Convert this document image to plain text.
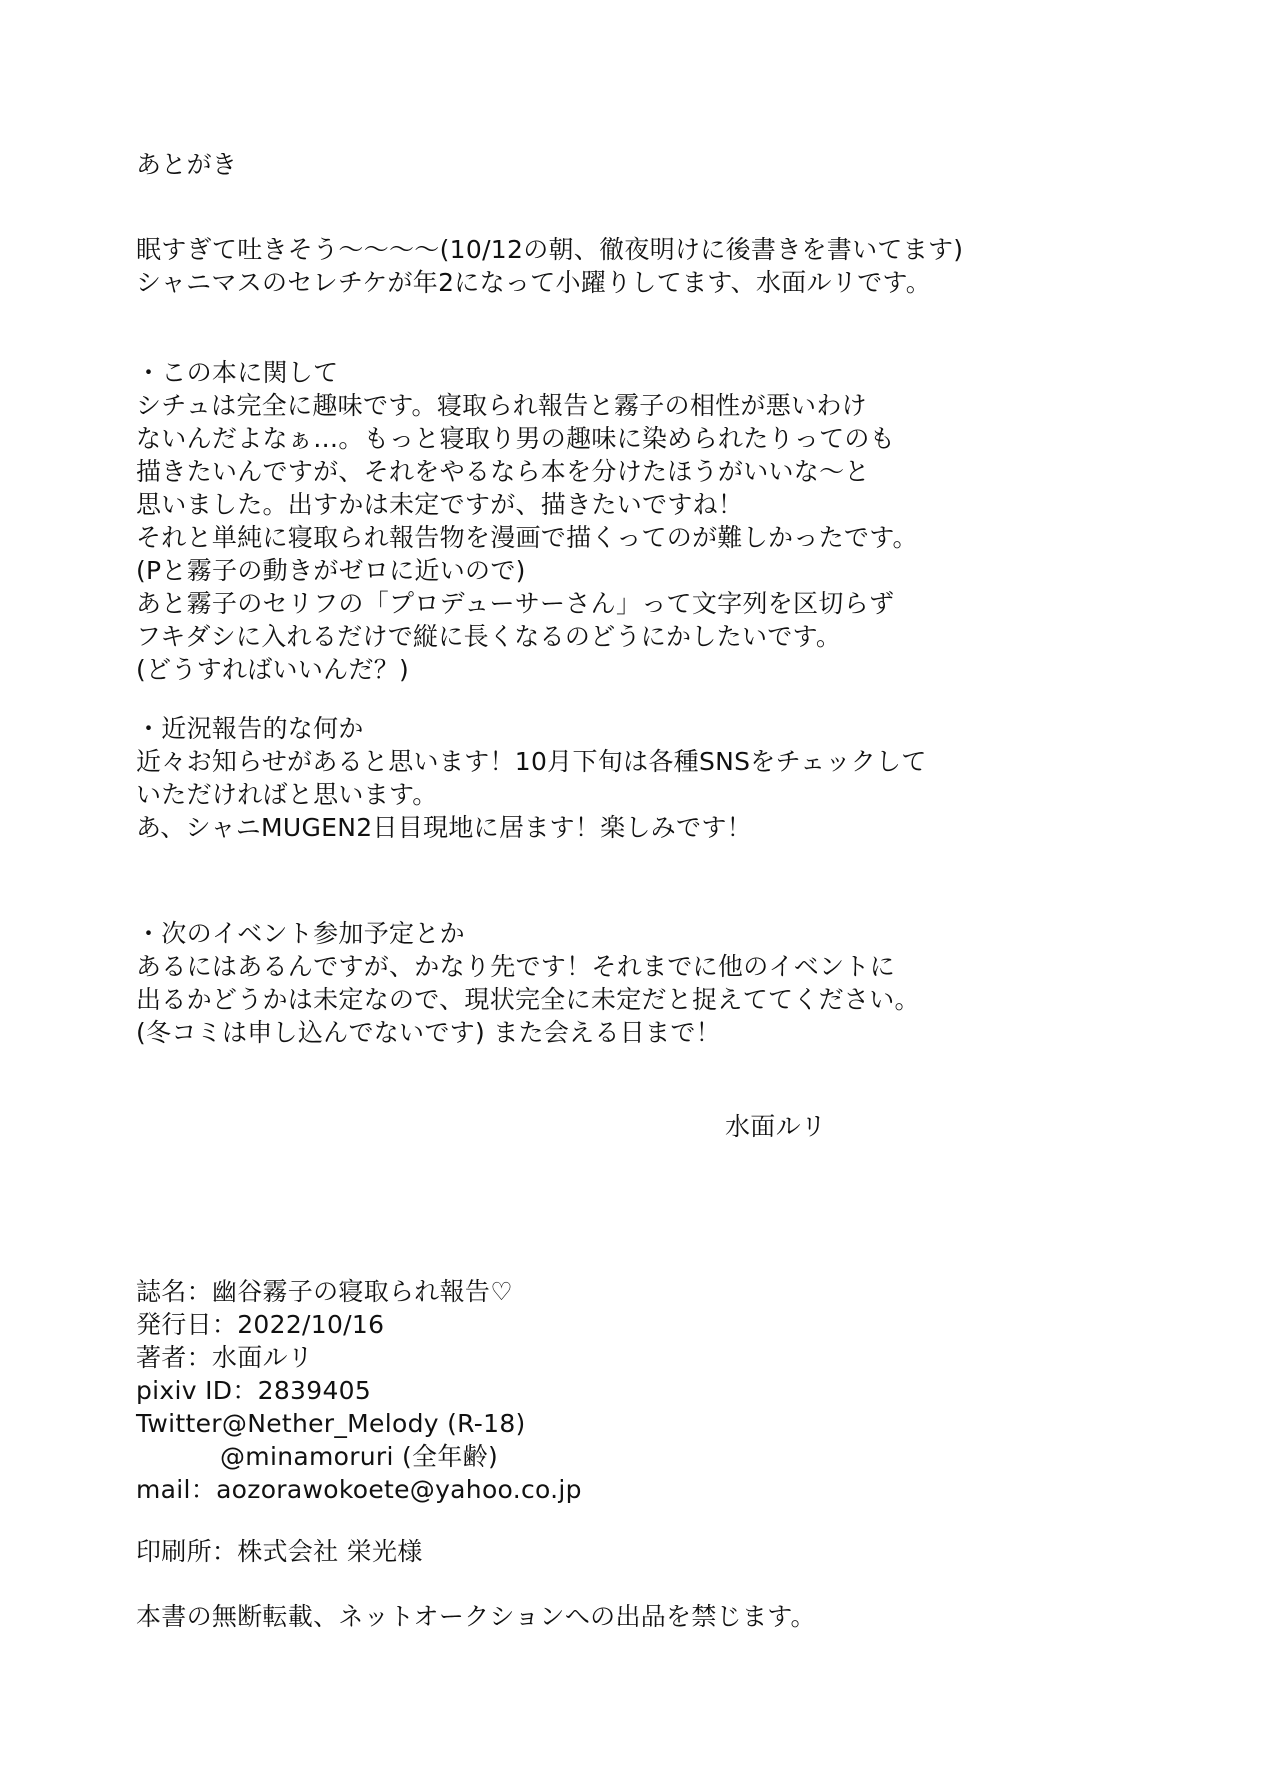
あとがき
眠すぎて吐きそう〜〜〜〜(10/12の朝、徹夜明けに後書きを書いてます)
シャニマスのセレチケが年2になって小躍りしてます、水面ルリです。
・この本に関して
シチュは完全に趣味です。寝取られ報告と霧子の相性が悪いわけ
ないんだよなぁ…。もっと寝取り男の趣味に染められたりってのも
描きたいんですが、それをやるなら本を分けたほうがいいな〜と
思いました。出すかは未定ですが、描きたいですね！
それと単純に寝取られ報告物を漫画で描くってのが難しかったです。
(Pと霧子の動きがゼロに近いので)
あと霧子のセリフの「プロデューサーさん」って文字列を区切らず
フキダシに入れるだけで縦に長くなるのどうにかしたいです。
(どうすればいいんだ？)
・近況報告的な何か
近々お知らせがあると思います！10月下旬は各種SNSをチェックして
いただければと思います。
あ、シャニMUGEN2日目現地に居ます！楽しみです！
・次のイベント参加予定とか
あるにはあるんですが、かなり先です！それまでに他のイベントに
出るかどうかは未定なので、現状完全に未定だと捉えててください。
(冬コミは申し込んでないです) また会える日まで！
水面ルリ
誌名：幽谷霧子の寝取られ報告♡
発行日：2022/10/16
著者：水面ルリ
pixiv ID：2839405
Twitter@Nether_Melody (R-18)
@minamoruri (全年齢)
mail：aozorawokoete@yahoo.co.jp
印刷所：株式会社 栄光様
本書の無断転載、ネットオークションへの出品を禁じます。
